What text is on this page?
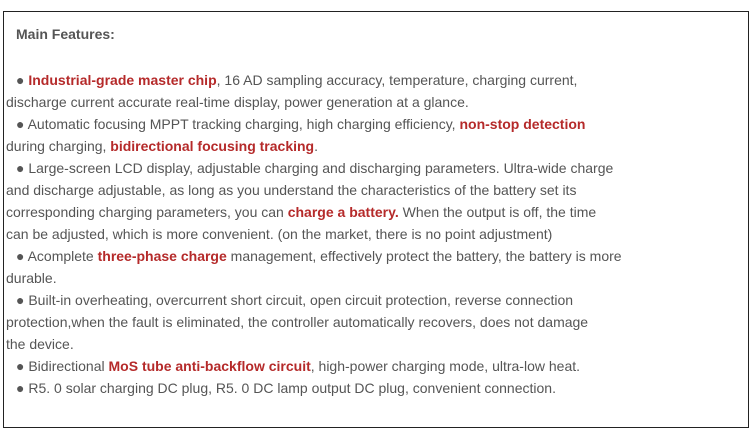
Main Features:
● Industrial-grade master chip, 16 AD sampling accuracy, temperature, charging current,
discharge current accurate real-time display, power generation at a glance.
● Automatic focusing MPPT tracking charging, high charging efficiency, non-stop detection
during charging, bidirectional focusing tracking.
● Large-screen LCD display, adjustable charging and discharging parameters. Ultra-wide charge
and discharge adjustable, as long as you understand the characteristics of the battery set its
corresponding charging parameters, you can charge a battery. When the output is off, the time
can be adjusted, which is more convenient. (on the market, there is no point adjustment)
● Acomplete three-phase charge management, effectively protect the battery, the battery is more
durable.
● Built-in overheating, overcurrent short circuit, open circuit protection, reverse connection
protection,when the fault is eliminated, the controller automatically recovers, does not damage
the device.
● Bidirectional MoS tube anti-backflow circuit, high-power charging mode, ultra-low heat.
● R5. 0 solar charging DC plug, R5. 0 DC lamp output DC plug, convenient connection.
